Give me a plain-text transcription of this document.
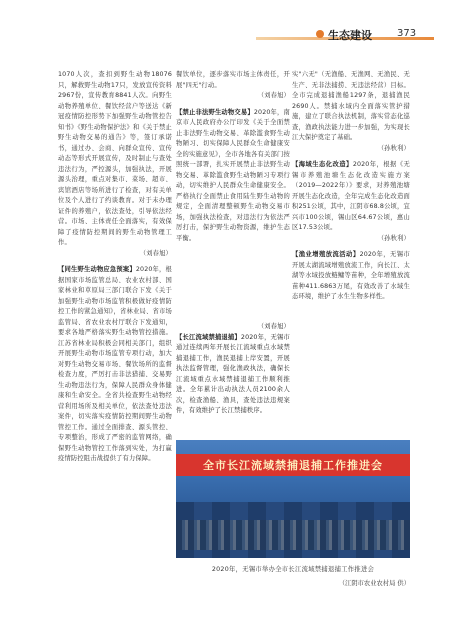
生态建设	373

1070人次，查扣到野生动物18076只，解救野生动物17只，发放宣传资料2967份，宣传教育8841人次。向野生动物养殖单位、餐饮经营户等送达《新冠疫情防控形势下加强野生动物管控告知书》《野生动物保护法》和《关于禁止野生动物交易的通告》等，签订承诺书，通过办、会商、向群众宣传、宣传动态等形式开展宣传，及时制止与查处违法行为，严控源头，加强执法，开展源头治理，重点对集市、菜场、超市、宾馆酒店等场所进行了检查，对有关单位及个人进行了约谈教育。对于未办理证件的养殖户，依法查处，引导依法经营。市场、主体责任全面落实，有效保障了疫情防控期间的野生动物管理工作。

（刘春旭）

【同生野生动物应急预案】2020年，根据国家市场监管总局、农业农村部、国家林业和草原局三部门联合下发《关于加强野生动物市场监管积极做好疫情防控工作的紧急通知》，省林业局、省市场监管局、省农业农村厅联合下发通知，要求各地严格落实野生动物管控措施。江苏省林业局积极会同相关部门，组织开展野生动物市场监管专项行动，加大对野生动物交易市场、餐饮场所的监督检查力度，严厉打击非法猎捕、交易野生动物违法行为，保障人民群众身体健康和生命安全。全省共检查野生动物经营利用场所及相关单位，依法查处违法案件，切实落实疫情防控期间野生动物管控工作。通过全面排查、源头管控、专项整治，形成了严密的监管网络，确保野生动物管控工作落到实处，为打赢疫情防控阻击战提供了有力保障。

餐饮单位，逐步落实市场主体责任，开展"四无"行动。

（刘春旭）

【禁止非法野生动物交易】2020年，南京市人民政府办公厅印发《关于全面禁止非法野生动物交易、革除滥食野生动物陋习、切实保障人民群众生命健康安全的实施意见》，全市各地各有关部门按照统一部署，扎实开展禁止非法野生动物交易、革除滥食野生动物陋习专项行动，切实维护人民群众生命健康安全。严格执行全面禁止食用陆生野生动物的规定，全面清理整顿野生动物交易市场，加强执法检查，对违法行为依法严厉打击，保护野生动物资源，维护生态平衡。

（刘春旭）

【长江流域禁捕退捕】2020年，无锡市通过连续两年开展长江流域重点水域禁捕退捕工作，渔民退捕上岸安置，开展执法监督管理，强化渔政执法，确保长江流域重点水域禁捕退捕工作顺利推进。全年累计出动执法人员2100余人次，检查渔船、渔具，查处违法违规案件，有效维护了长江禁捕秩序。

实"六无"（无渔船、无渔网、无渔民、无生产、无非法捕捞、无违法经营）目标。全市完成退捕渔船1297条，退捕渔民2690人。禁捕水域内全面落实管护措施，建立了联合执法机制，落实常态化巡查，渔政执法能力进一步加强，为实现长江大保护奠定了基础。

（孙秋利）

【海域生态化改造】2020年，根据《无锡市养殖池塘生态化改造实施方案（2019—2022年）》要求，对养殖池塘开展生态化改造，全年完成生态化改造面积251公顷，其中，江阴市68.8公顷，宜兴市100公顷，锡山区64.67公顷，惠山区17.53公顷。

（孙秋利）

【渔业增殖放流活动】2020年，无锡市开展太湖流域增殖放流工作，向长江、太湖等水域投放鲢鳙等苗种，全年增殖放流苗种411.6863万尾，有效改善了水域生态环境，维护了水生生物多样性。

全市长江流域禁捕退捕工作推进会
2020年，无锡市举办全市长江流域禁捕退捕工作推进会
（江阴市农业农村局 供）
